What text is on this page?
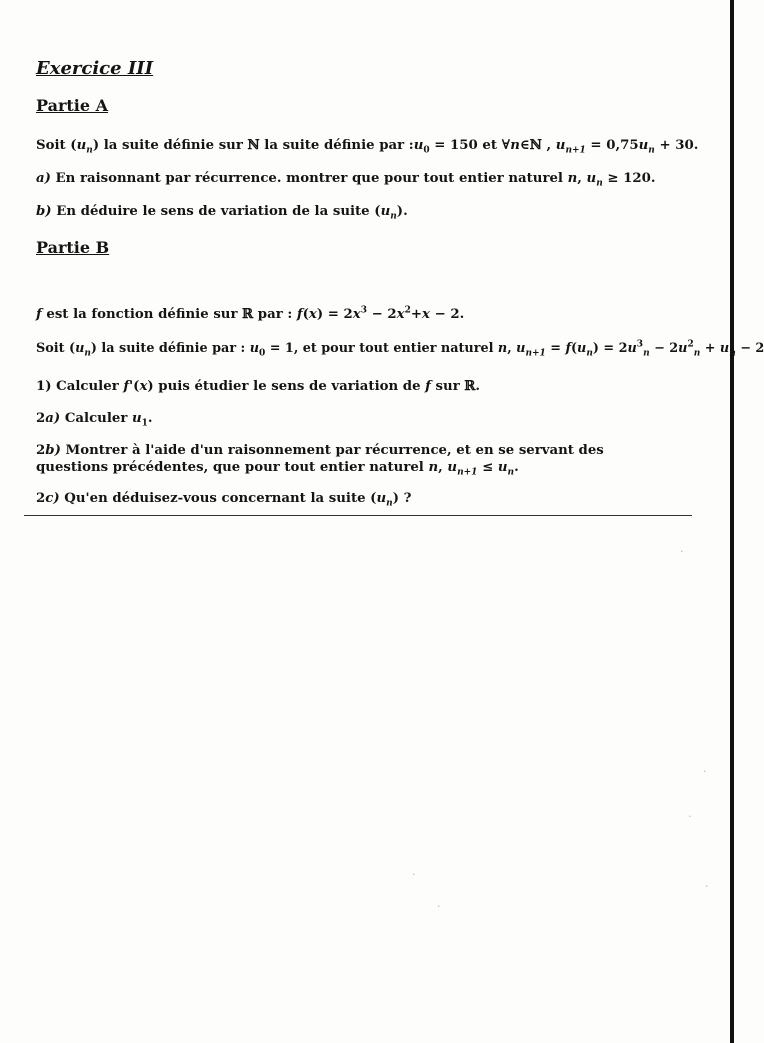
Exercice III
Partie A
Soit $(u_n)$ la suite définie sur ℕ la suite définie par $:u_0 = 150$ et ∀n∈ℕ , $u_{n+1} = 0,75u_n + 30$.
a) En raisonnant par récurrence. montrer que pour tout entier naturel n, $u_n \ge 120$.
b) En déduire le sens de variation de la suite $(u_n)$.
Partie B
f est la fonction définie sur ℝ par : $f(x) = 2x^3 - 2x^2+x - 2$.
Soit $(u_n)$ la suite définie par : $u_0 = 1$, et pour tout entier naturel n, $u_{n+1} = f(u_n) = 2u^3_n - 2u^2_n + u_n - 2$
1) Calculer f'(x) puis étudier le sens de variation de f sur ℝ.
2a) Calculer $u_1$.
2b) Montrer à l'aide d'un raisonnement par récurrence, et en se servant des questions précédentes, que pour tout entier naturel n, $u_{n+1} \le u_n$.
2c) Qu'en déduisez-vous concernant la suite $(u_n)$ ?
·
·
·
·
·
·
